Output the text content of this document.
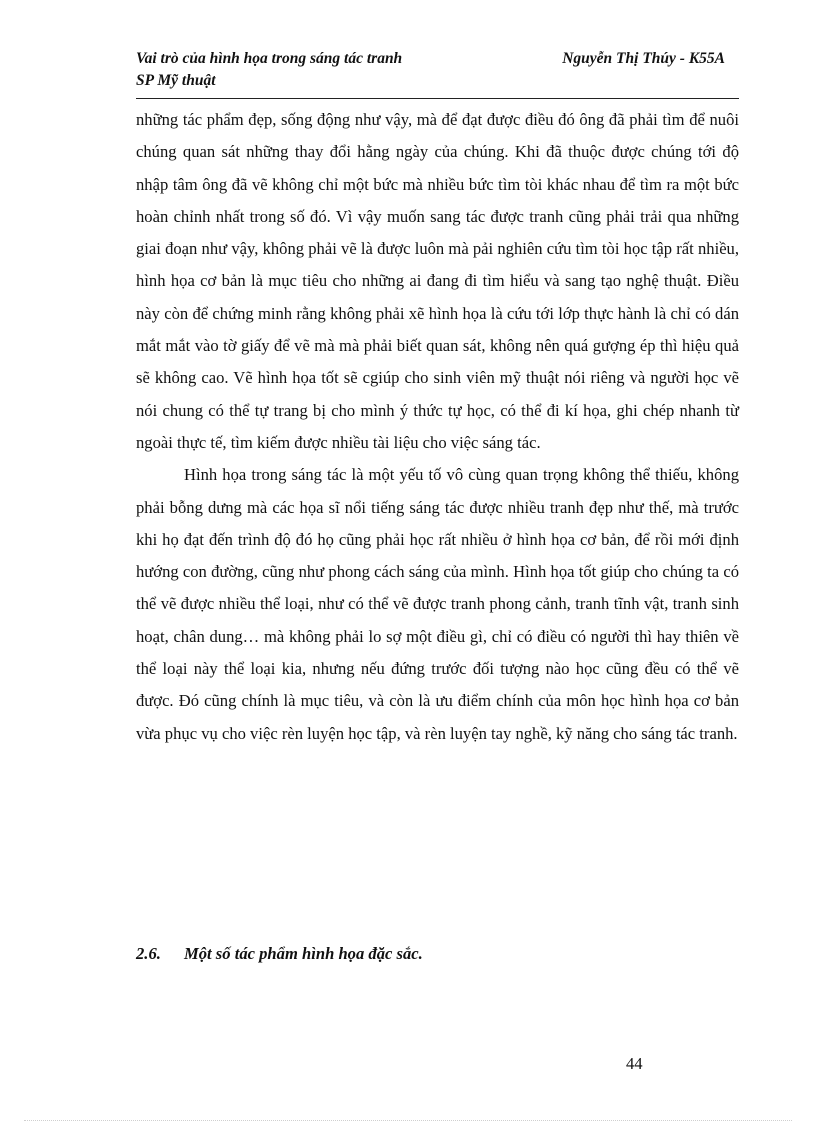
Vai trò của hình họa trong sáng tác tranh	Nguyễn Thị Thúy - K55A
SP Mỹ thuật

những tác phẩm đẹp, sống động như vậy, mà để đạt được điều đó ông đã phải tìm để nuôi chúng quan sát những thay đổi hằng ngày của chúng. Khi đã thuộc được chúng tới độ nhập tâm ông đã vẽ không chỉ một bức mà nhiều bức tìm tòi khác nhau để tìm ra một bức hoàn chỉnh nhất trong số đó. Vì vậy muốn sang tác được tranh cũng phải trải qua những giai đoạn như vậy, không phải vẽ là được luôn mà pải nghiên cứu tìm tòi học tập rất nhiều, hình họa cơ bản là mục tiêu cho những ai đang đi tìm hiểu và sang tạo nghệ thuật. Điều này còn để chứng minh rằng không phải xẽ hình họa là cứu tới lớp thực hành là chỉ có dán mắt mắt vào tờ giấy để vẽ mà mà phải biết quan sát, không nên quá gượng ép thì hiệu quả sẽ không cao. Vẽ hình họa tốt sẽ cgiúp cho sinh viên mỹ thuật nói riêng và người học vẽ nói chung có thể tự trang bị cho mình ý thức tự học, có thể đi kí họa, ghi chép nhanh từ ngoài thực tế, tìm kiếm được nhiều tài liệu cho việc sáng tác.

Hình họa trong sáng tác là một yếu tố vô cùng quan trọng không thể thiếu, không phải bỗng dưng mà các họa sĩ nổi tiếng sáng tác được nhiều tranh đẹp như thế, mà trước khi họ đạt đến trình độ đó họ cũng phải học rất nhiều ở hình họa cơ bản, để rồi mới định hướng con đường, cũng như phong cách sáng của mình. Hình họa tốt giúp cho chúng ta có thể vẽ được nhiều thể loại, như có thể vẽ được tranh phong cảnh, tranh tĩnh vật, tranh sinh hoạt, chân dung… mà không phải lo sợ một điều gì, chỉ có điều có người thì hay thiên về thể loại này thể loại kia, nhưng nếu đứng trước đối tượng nào học cũng đều có thể vẽ được. Đó cũng chính là mục tiêu, và còn là ưu điểm chính của môn học hình họa cơ bản vừa phục vụ cho việc rèn luyện học tập, và rèn luyện tay nghề, kỹ năng cho sáng tác tranh.

2.6. Một số tác phẩm hình họa đặc sắc.
44
